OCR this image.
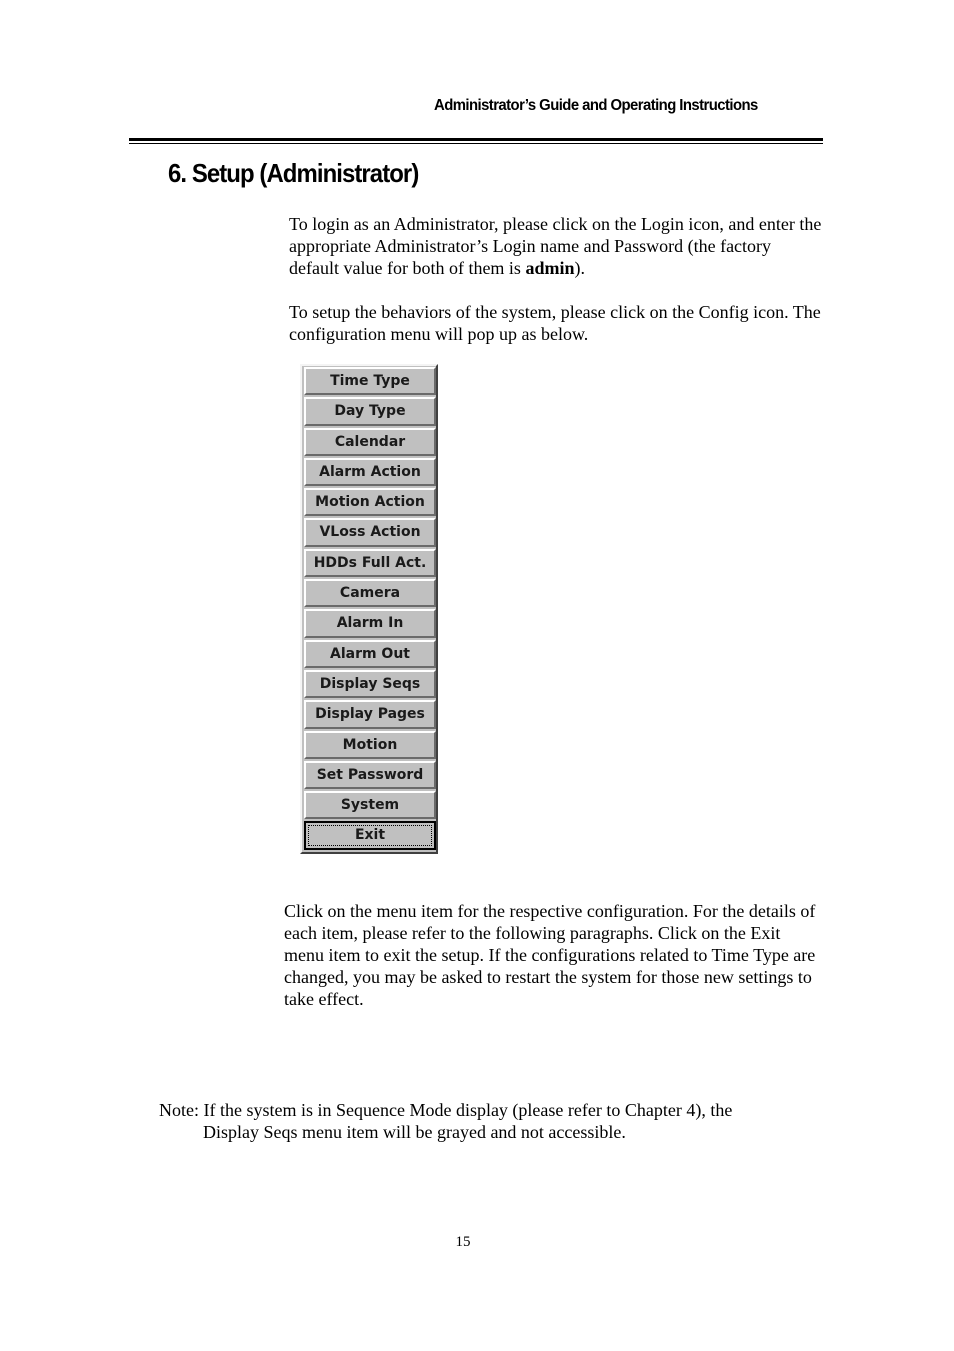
Administrator’s Guide and Operating Instructions
6. Setup (Administrator)

To login as an Administrator, please click on the Login icon, and enter the appropriate Administrator’s Login name and Password (the factory default value for both of them is admin).

To setup the behaviors of the system, please click on the Config icon. The configuration menu will pop up as below.

Time Type
Day Type
Calendar
Alarm Action
Motion Action
VLoss Action
HDDs Full Act.
Camera
Alarm In
Alarm Out
Display Seqs
Display Pages
Motion
Set Password
System
Exit

Click on the menu item for the respective configuration. For the details of each item, please refer to the following paragraphs. Click on the Exit menu item to exit the setup. If the configurations related to Time Type are changed, you may be asked to restart the system for those new settings to take effect.

Note: If the system is in Sequence Mode display (please refer to Chapter 4), the
Display Seqs menu item will be grayed and not accessible.
15
